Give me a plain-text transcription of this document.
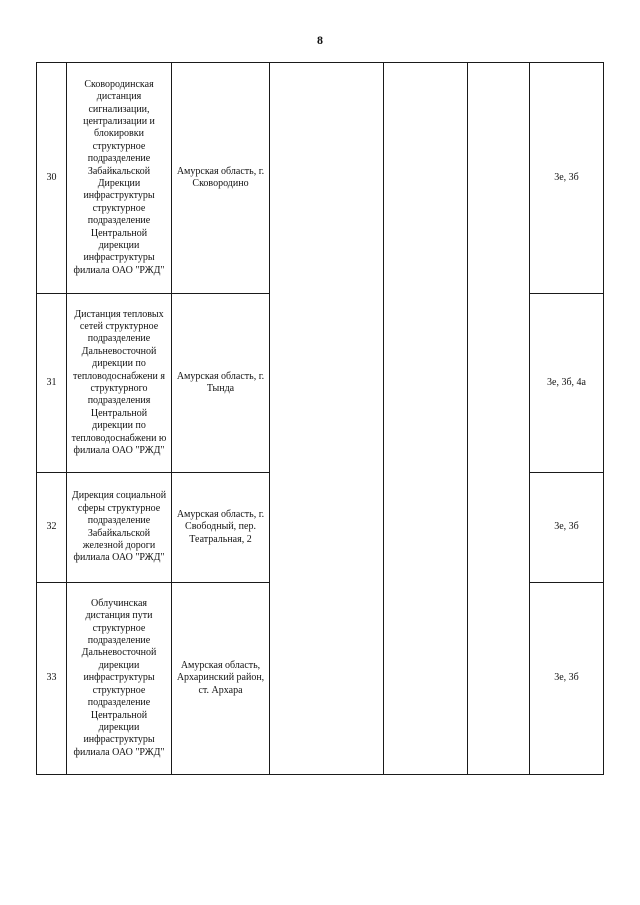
8
30
Сковородинская дистанция сигнализации, централизации и блокировки структурное подразделение Забайкальской Дирекции инфраструктуры структурное подразделение Центральной дирекции инфраструктуры филиала ОАО "РЖД"
Амурская область, г. Сковородино
3е, 3б
31
Дистанция тепловых сетей структурное подразделение Дальневосточной дирекции по тепловодоснабжени я структурного подразделения Центральной дирекции по тепловодоснабжени ю филиала ОАО "РЖД"
Амурская область, г. Тында
3е, 3б, 4а
32
Дирекция социальной сферы структурное подразделение Забайкальской железной дороги филиала ОАО "РЖД"
Амурская область, г. Свободный, пер. Театральная, 2
3е, 3б
33
Облучинская дистанция пути структурное подразделение Дальневосточной дирекции инфраструктуры структурное подразделение Центральной дирекции инфраструктуры филиала ОАО "РЖД"
Амурская область, Архаринский район, ст. Архара
3е, 3б
